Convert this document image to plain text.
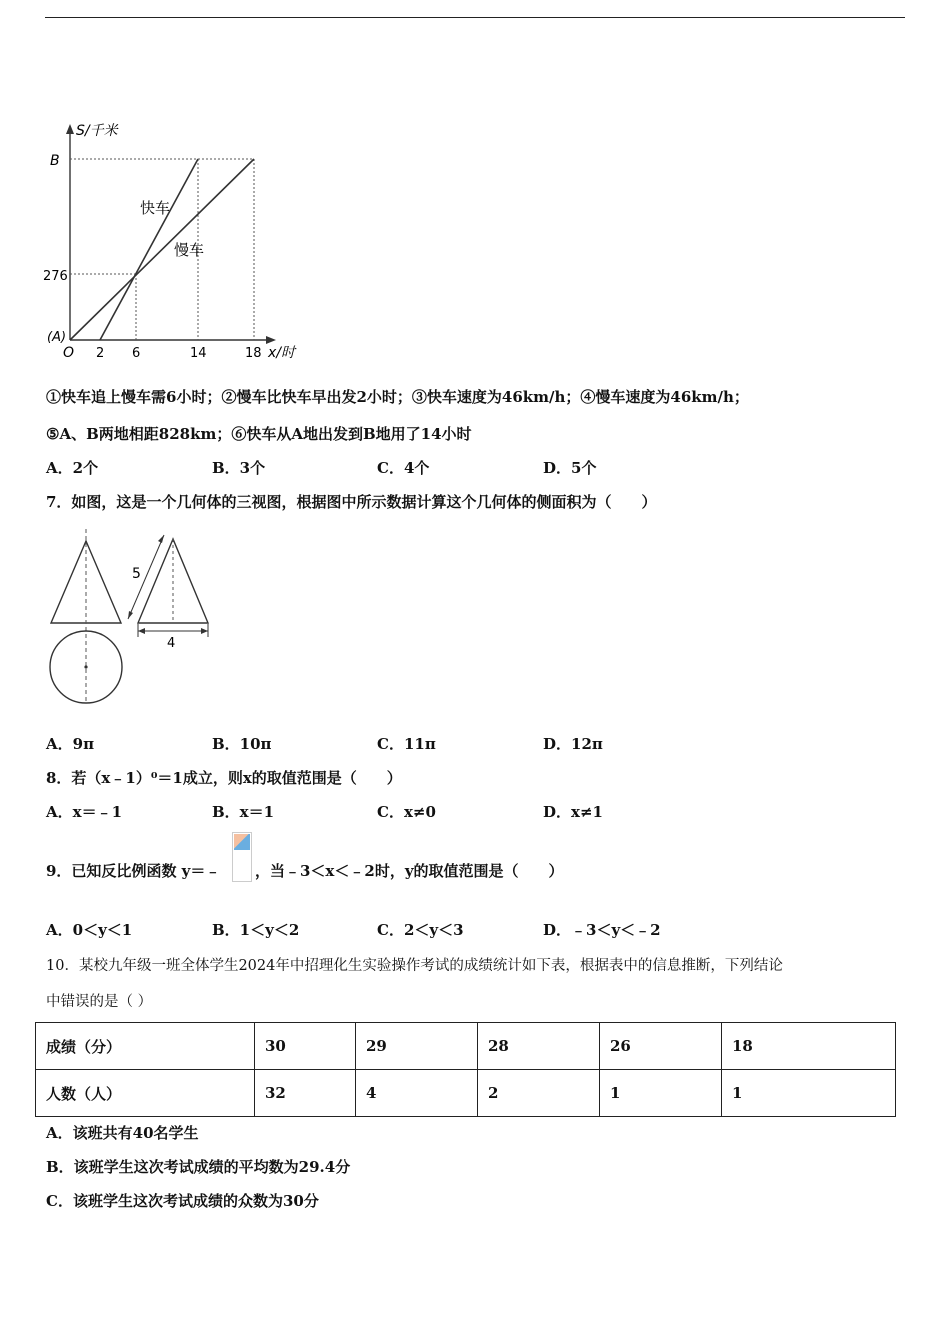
S/千米
B
276
(A)
O 2 6	14	18 x/时
快车
慢车
①快车追上慢车需6小时；②慢车比快车早出发2小时；③快车速度为46km/h；④慢车速度为46km/h；
⑤A、B两地相距828km；⑥快车从A地出发到B地用了14小时
A．2个	B．3个	C．4个	D．5个
7．如图，这是一个几何体的三视图，根据图中所示数据计算这个几何体的侧面积为（　　）
5
4
A．9π	B．10π	C．11π	D．12π
8．若（x﹣1）⁰＝1成立，则x的取值范围是（　　）
A．x＝﹣1	B．x＝1	C．x≠0	D．x≠1
9．已知反比例函数 y＝﹣ ，当﹣3＜x＜﹣2时，y的取值范围是（　　）
A．0＜y＜1	B．1＜y＜2	C．2＜y＜3	D．﹣3＜y＜﹣2
10．某校九年级一班全体学生2024年中招理化生实验操作考试的成绩统计如下表，根据表中的信息推断，下列结论
中错误的是（ ）
成绩（分）	30	29	28	26	18
人数（人）	32	4	2	1	1
A．该班共有40名学生
B．该班学生这次考试成绩的平均数为29.4分
C．该班学生这次考试成绩的众数为30分
